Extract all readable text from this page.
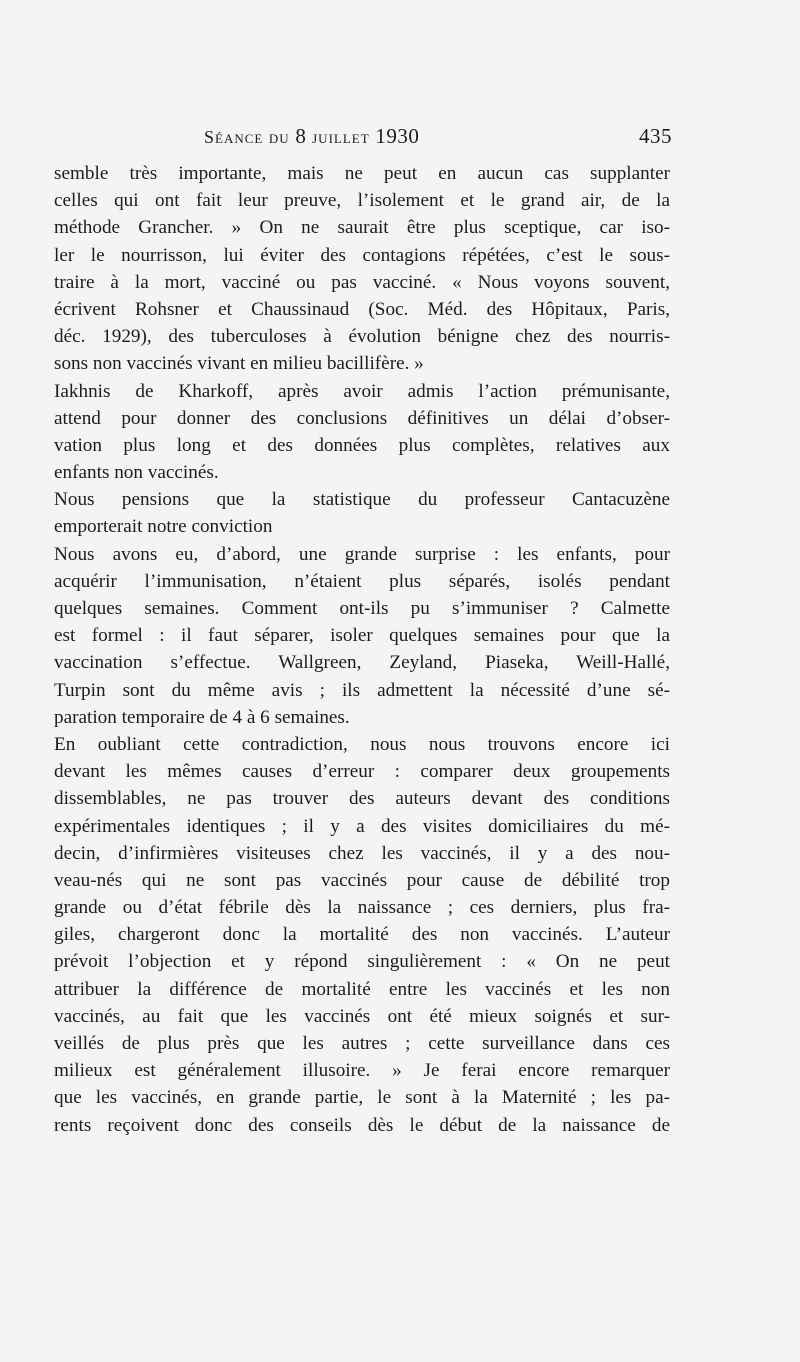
Séance du 8 juillet 1930	435
semble très importante, mais ne peut en aucun cas supplanter
celles qui ont fait leur preuve, l’isolement et le grand air, de la
méthode Grancher. » On ne saurait être plus sceptique, car iso-
ler le nourrisson, lui éviter des contagions répétées, c’est le sous-
traire à la mort, vacciné ou pas vacciné. « Nous voyons souvent,
écrivent Rohsner et Chaussinaud (Soc. Méd. des Hôpitaux, Paris,
déc. 1929), des tuberculoses à évolution bénigne chez des nourris-
sons non vaccinés vivant en milieu bacillifère. »
Iakhnis de Kharkoff, après avoir admis l’action prémunisante,
attend pour donner des conclusions définitives un délai d’obser-
vation plus long et des données plus complètes, relatives aux
enfants non vaccinés.
Nous pensions que la statistique du professeur Cantacuzène
emporterait notre conviction
Nous avons eu, d’abord, une grande surprise : les enfants, pour
acquérir l’immunisation, n’étaient plus séparés, isolés pendant
quelques semaines. Comment ont-ils pu s’immuniser ? Calmette
est formel : il faut séparer, isoler quelques semaines pour que la
vaccination s’effectue. Wallgreen, Zeyland, Piaseka, Weill-Hallé,
Turpin sont du même avis ; ils admettent la nécessité d’une sé-
paration temporaire de 4 à 6 semaines.
En oubliant cette contradiction, nous nous trouvons encore ici
devant les mêmes causes d’erreur : comparer deux groupements
dissemblables, ne pas trouver des auteurs devant des conditions
expérimentales identiques ; il y a des visites domiciliaires du mé-
decin, d’infirmières visiteuses chez les vaccinés, il y a des nou-
veau-nés qui ne sont pas vaccinés pour cause de débilité trop
grande ou d’état fébrile dès la naissance ; ces derniers, plus fra-
giles, chargeront donc la mortalité des non vaccinés. L’auteur
prévoit l’objection et y répond singulièrement : « On ne peut
attribuer la différence de mortalité entre les vaccinés et les non
vaccinés, au fait que les vaccinés ont été mieux soignés et sur-
veillés de plus près que les autres ; cette surveillance dans ces
milieux est généralement illusoire. » Je ferai encore remarquer
que les vaccinés, en grande partie, le sont à la Maternité ; les pa-
rents reçoivent donc des conseils dès le début de la naissance de
